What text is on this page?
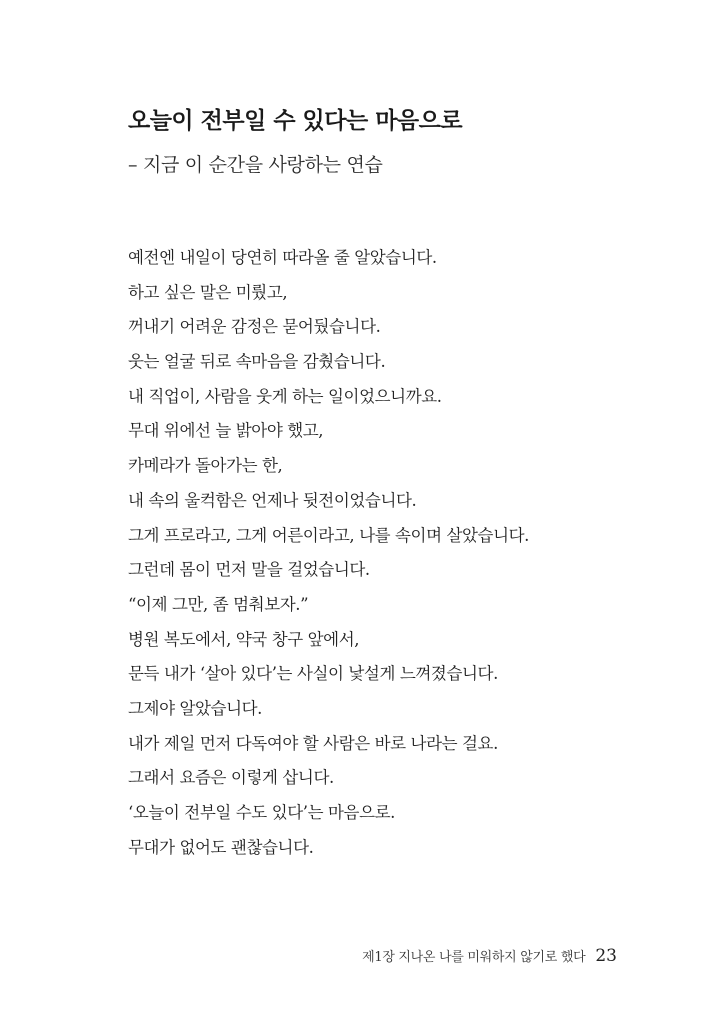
오늘이 전부일 수 있다는 마음으로
– 지금 이 순간을 사랑하는 연습
예전엔 내일이 당연히 따라올 줄 알았습니다.
하고 싶은 말은 미뤘고,
꺼내기 어려운 감정은 묻어뒀습니다.
웃는 얼굴 뒤로 속마음을 감췄습니다.
내 직업이, 사람을 웃게 하는 일이었으니까요.
무대 위에선 늘 밝아야 했고,
카메라가 돌아가는 한,
내 속의 울컥함은 언제나 뒷전이었습니다.
그게 프로라고, 그게 어른이라고, 나를 속이며 살았습니다.
그런데 몸이 먼저 말을 걸었습니다.
“이제 그만, 좀 멈춰보자.”
병원 복도에서, 약국 창구 앞에서,
문득 내가 ‘살아 있다’는 사실이 낯설게 느껴졌습니다.
그제야 알았습니다.
내가 제일 먼저 다독여야 할 사람은 바로 나라는 걸요.
그래서 요즘은 이렇게 삽니다.
‘오늘이 전부일 수도 있다’는 마음으로.
무대가 없어도 괜찮습니다.
제1장 지나온 나를 미워하지 않기로 했다 23
